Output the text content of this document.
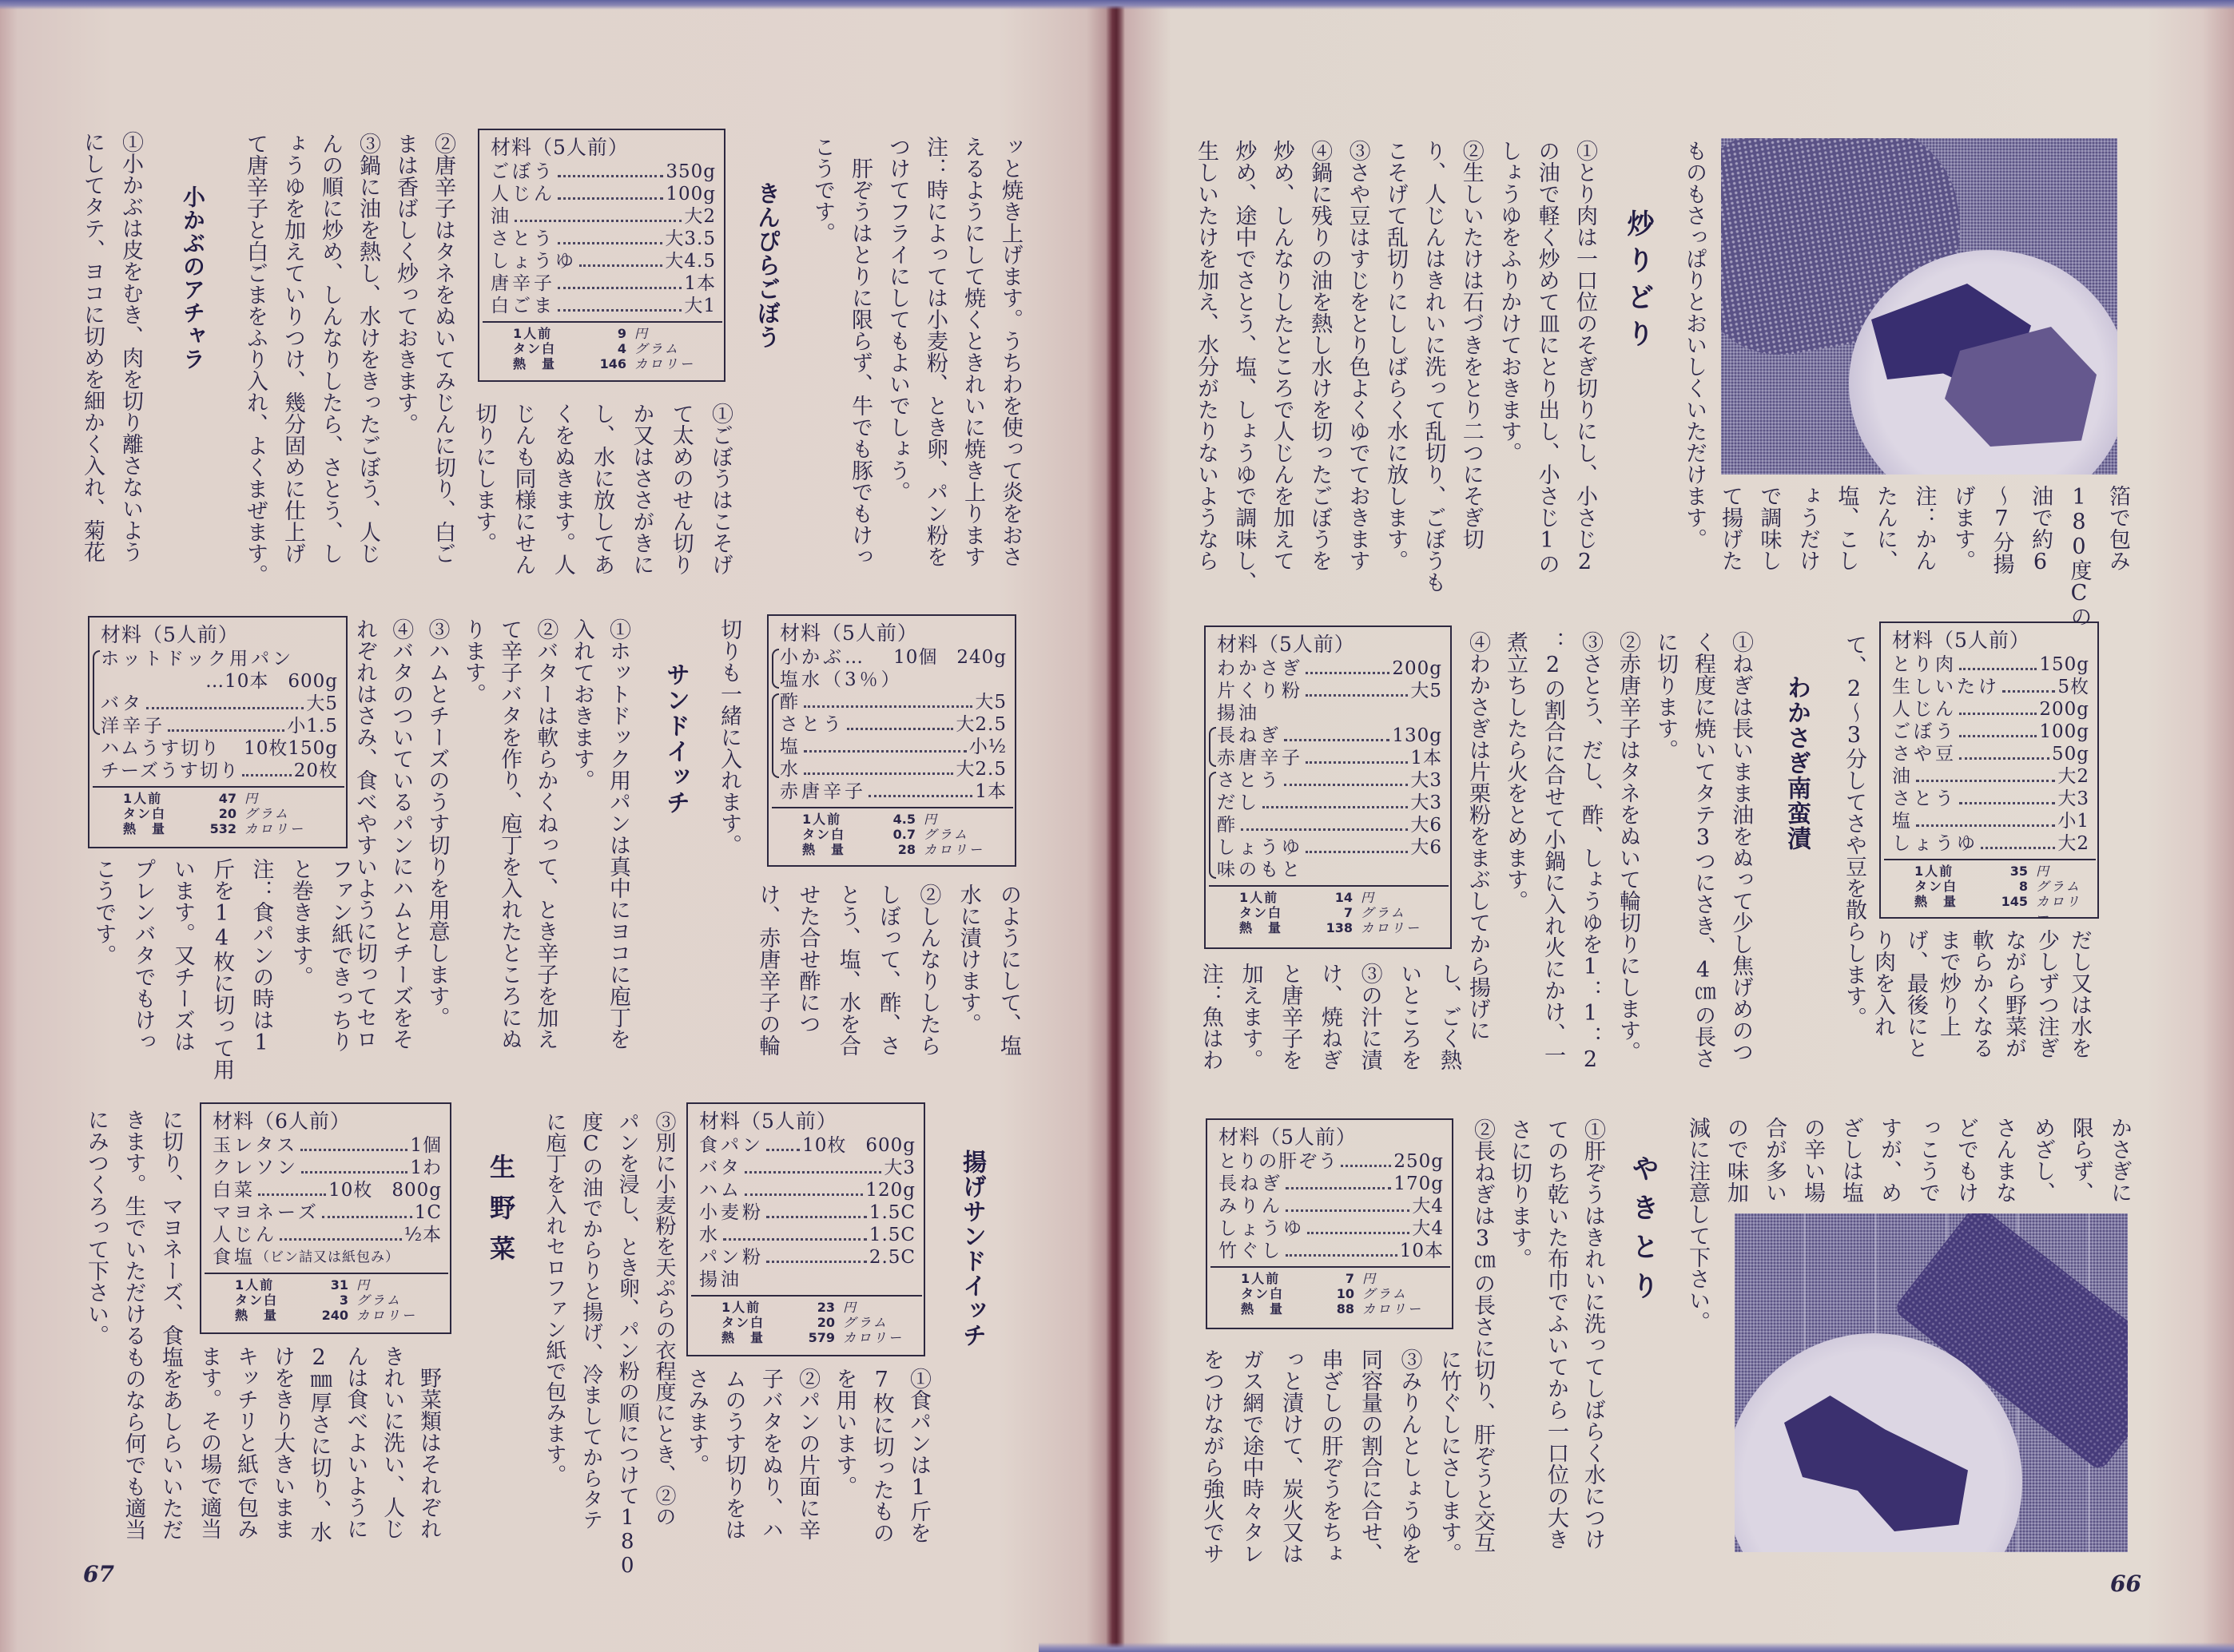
ッと焼き上げます。うちわを使って炎をおさ
えるようにして焼くときれいに焼き上ります
注：時によっては小麦粉、とき卵、パン粉を
つけてフライにしてもよいでしょう。
　肝ぞうはとりに限らず、牛でも豚でもけっ
こうです。
きんぴらごぼう
材料（5人前）
ごぼう	350g
人じん	100g
油	大2
さとう	大3.5
しょうゆ	大4.5
唐辛子	1本
白ごま	大1
1人前	9 円
タン白	4 グラム
熱　量	146 カロリー
①ごぼうはこそげ
て太めのせん切り
か又はささがきに
し、水に放してあ
くをぬきます。人
じんも同様にせん
切りにします。
②唐辛子はタネをぬいてみじんに切り、白ご
まは香ばしく炒っておきます。
③鍋に油を熱し、水けをきったごぼう、人じ
んの順に炒め、しんなりしたら、さとう、し
ょうゆを加えていりつけ、幾分固めに仕上げ
て唐辛子と白ごまをふり入れ、よくまぜます。
小かぶのアチャラ
①小かぶは皮をむき、肉を切り離さないよう
にしてタテ、ヨコに切めを細かく入れ、菊花
材料（5人前）
小かぶ… 10個　240g
塩水（3％）
酢	大5
さとう	大2.5
塩	小½
水	大2.5
赤唐辛子	1本
1人前	4.5 円
タン白	0.7 グラム
熱　量	28 カロリー
のようにして、塩
水に漬けます。
②しんなりしたら
しぼって、酢、さ
とう、塩、水を合
せた合せ酢につ
け、赤唐辛子の輪
切りも一緒に入れます。
サンドイッチ
①ホットドック用パンは真中にヨコに庖丁を
入れておきます。
②バターは軟らかくねって、とき辛子を加え
て辛子バタを作り、庖丁を入れたところにぬ
ります。
③ハムとチーズのうす切りを用意します。
④バタのついているパンにハムとチーズをそ
れぞれはさみ、食べやすいように切ってセロ
材料（5人前）
ホットドック用パン
…10本　600g
バタ	大5
洋辛子	小1.5
ハムうす切り 10枚150g
チーズうす切り	20枚
1人前	47 円
タン白	20 グラム
熱　量	532 カロリー
ファン紙できっちり
と巻きます。
注：食パンの時は1
斤を14枚に切って用
います。又チーズは
プレンバタでもけっ
こうです。
揚げサンドイッチ
材料（5人前）
食パン 10枚　600g
バタ	大3
ハム	120g
小麦粉	1.5C
水	1.5C
パン粉	2.5C
揚油
1人前	23 円
タン白	20 グラム
熱　量	579 カロリー
①食パンは1斤を
7枚に切ったもの
を用います。
②パンの片面に辛
子バタをぬり、ハ
ムのうす切りをは
さみます。
③別に小麦粉を天ぷらの衣程度にとき、②の
パンを浸し、とき卵、パン粉の順につけて180
度Cの油でからりと揚げ、冷ましてからタテ
に庖丁を入れセロファン紙で包みます。
生野菜
材料（6人前）
玉レタス	1個
クレソン	1わ
白菜	10枚　800g
マヨネーズ	1C
人じん	½本
食塩 （ビン詰又は紙包み）
1人前	31 円
タン白	3 グラム
熱　量	240 カロリー
　野菜類はそれぞれ
きれいに洗い、人じ
んは食べよいように
2㎜厚さに切り、水
けをきり大きいまま
キッチリと紙で包み
ます。その場で適当
に切り、マヨネーズ、食塩をあしらいいただ
きます。生でいただけるものなら何でも適当
にみつくろって下さい。
67
箔で包み
180度Cの
油で約6
〜7分揚
げます。
注：かん
たんに、
塩、こし
ょうだけ
で調味し
て揚げた
ものもさっぱりとおいしくいただけます。
炒りどり
①とり肉は一口位のそぎ切りにし、小さじ2
の油で軽く炒めて皿にとり出し、小さじ1の
しょうゆをふりかけておきます。
②生しいたけは石づきをとり二つにそぎ切
り、人じんはきれいに洗って乱切り、ごぼうも
こそげて乱切りにししばらく水に放します。
③さや豆はすじをとり色よくゆでておきます
④鍋に残りの油を熱し水けを切ったごぼうを
炒め、しんなりしたところで人じんを加えて
炒め、途中でさとう、塩、しょうゆで調味し、
生しいたけを加え、水分がたりないようなら
材料（5人前）
とり肉	150g
生しいたけ	5枚
人じん	200g
ごぼう	100g
さや豆	50g
油	大2
さとう	大3
塩	小1
しょうゆ	大2
1人前	35 円
タン白	8 グラム
熱　量	145 カロリー
だし又は水を
少しずつ注ぎ
ながら野菜が
軟らかくなる
まで炒り上
げ、最後にと
り肉を入れ
て、2〜3分してさや豆を散らします。
わかさぎ南蛮漬
①ねぎは長いまま油をぬって少し焦げめのつ
く程度に焼いてタテ3つにさき、4㎝の長さ
に切ります。
②赤唐辛子はタネをぬいて輪切りにします。
③さとう、だし、酢、しょうゆを1：1：2
：2の割合に合せて小鍋に入れ火にかけ、一
煮立ちしたら火をとめます。
④わかさぎは片栗粉をまぶしてから揚げに
材料（5人前）
わかさぎ	200g
片くり粉	大5
揚油
長ねぎ	130g
赤唐辛子	1本
さとう	大3
だし	大3
酢	大6
しょうゆ	大6
味のもと
1人前	14 円
タン白	7 グラム
熱　量	138 カロリー
し、ごく熱
いところを
③の汁に漬
け、焼ねぎ
と唐辛子を
加えます。
注：魚はわ
かさぎに
限らず、
めざし、
さんまな
どでもけ
っこうで
すが、め
ざしは塩
の辛い場
合が多い
ので味加
減に注意して下さい。
やきとり
①肝ぞうはきれいに洗ってしばらく水につけ
てのち乾いた布巾でふいてから一口位の大き
さに切ります。
②長ねぎは3㎝の長さに切り、肝ぞうと交互
材料（5人前）
とりの肝ぞう	250g
長ねぎ	170g
みりん	大4
しょうゆ	大4
竹ぐし	10本
1人前	7 円
タン白	10 グラム
熱　量	88 カロリー
に竹ぐしにさします。
③みりんとしょうゆを
同容量の割合に合せ、
串ざしの肝ぞうをちょ
っと漬けて、炭火又は
ガス網で途中時々タレ
をつけながら強火でサ
66
